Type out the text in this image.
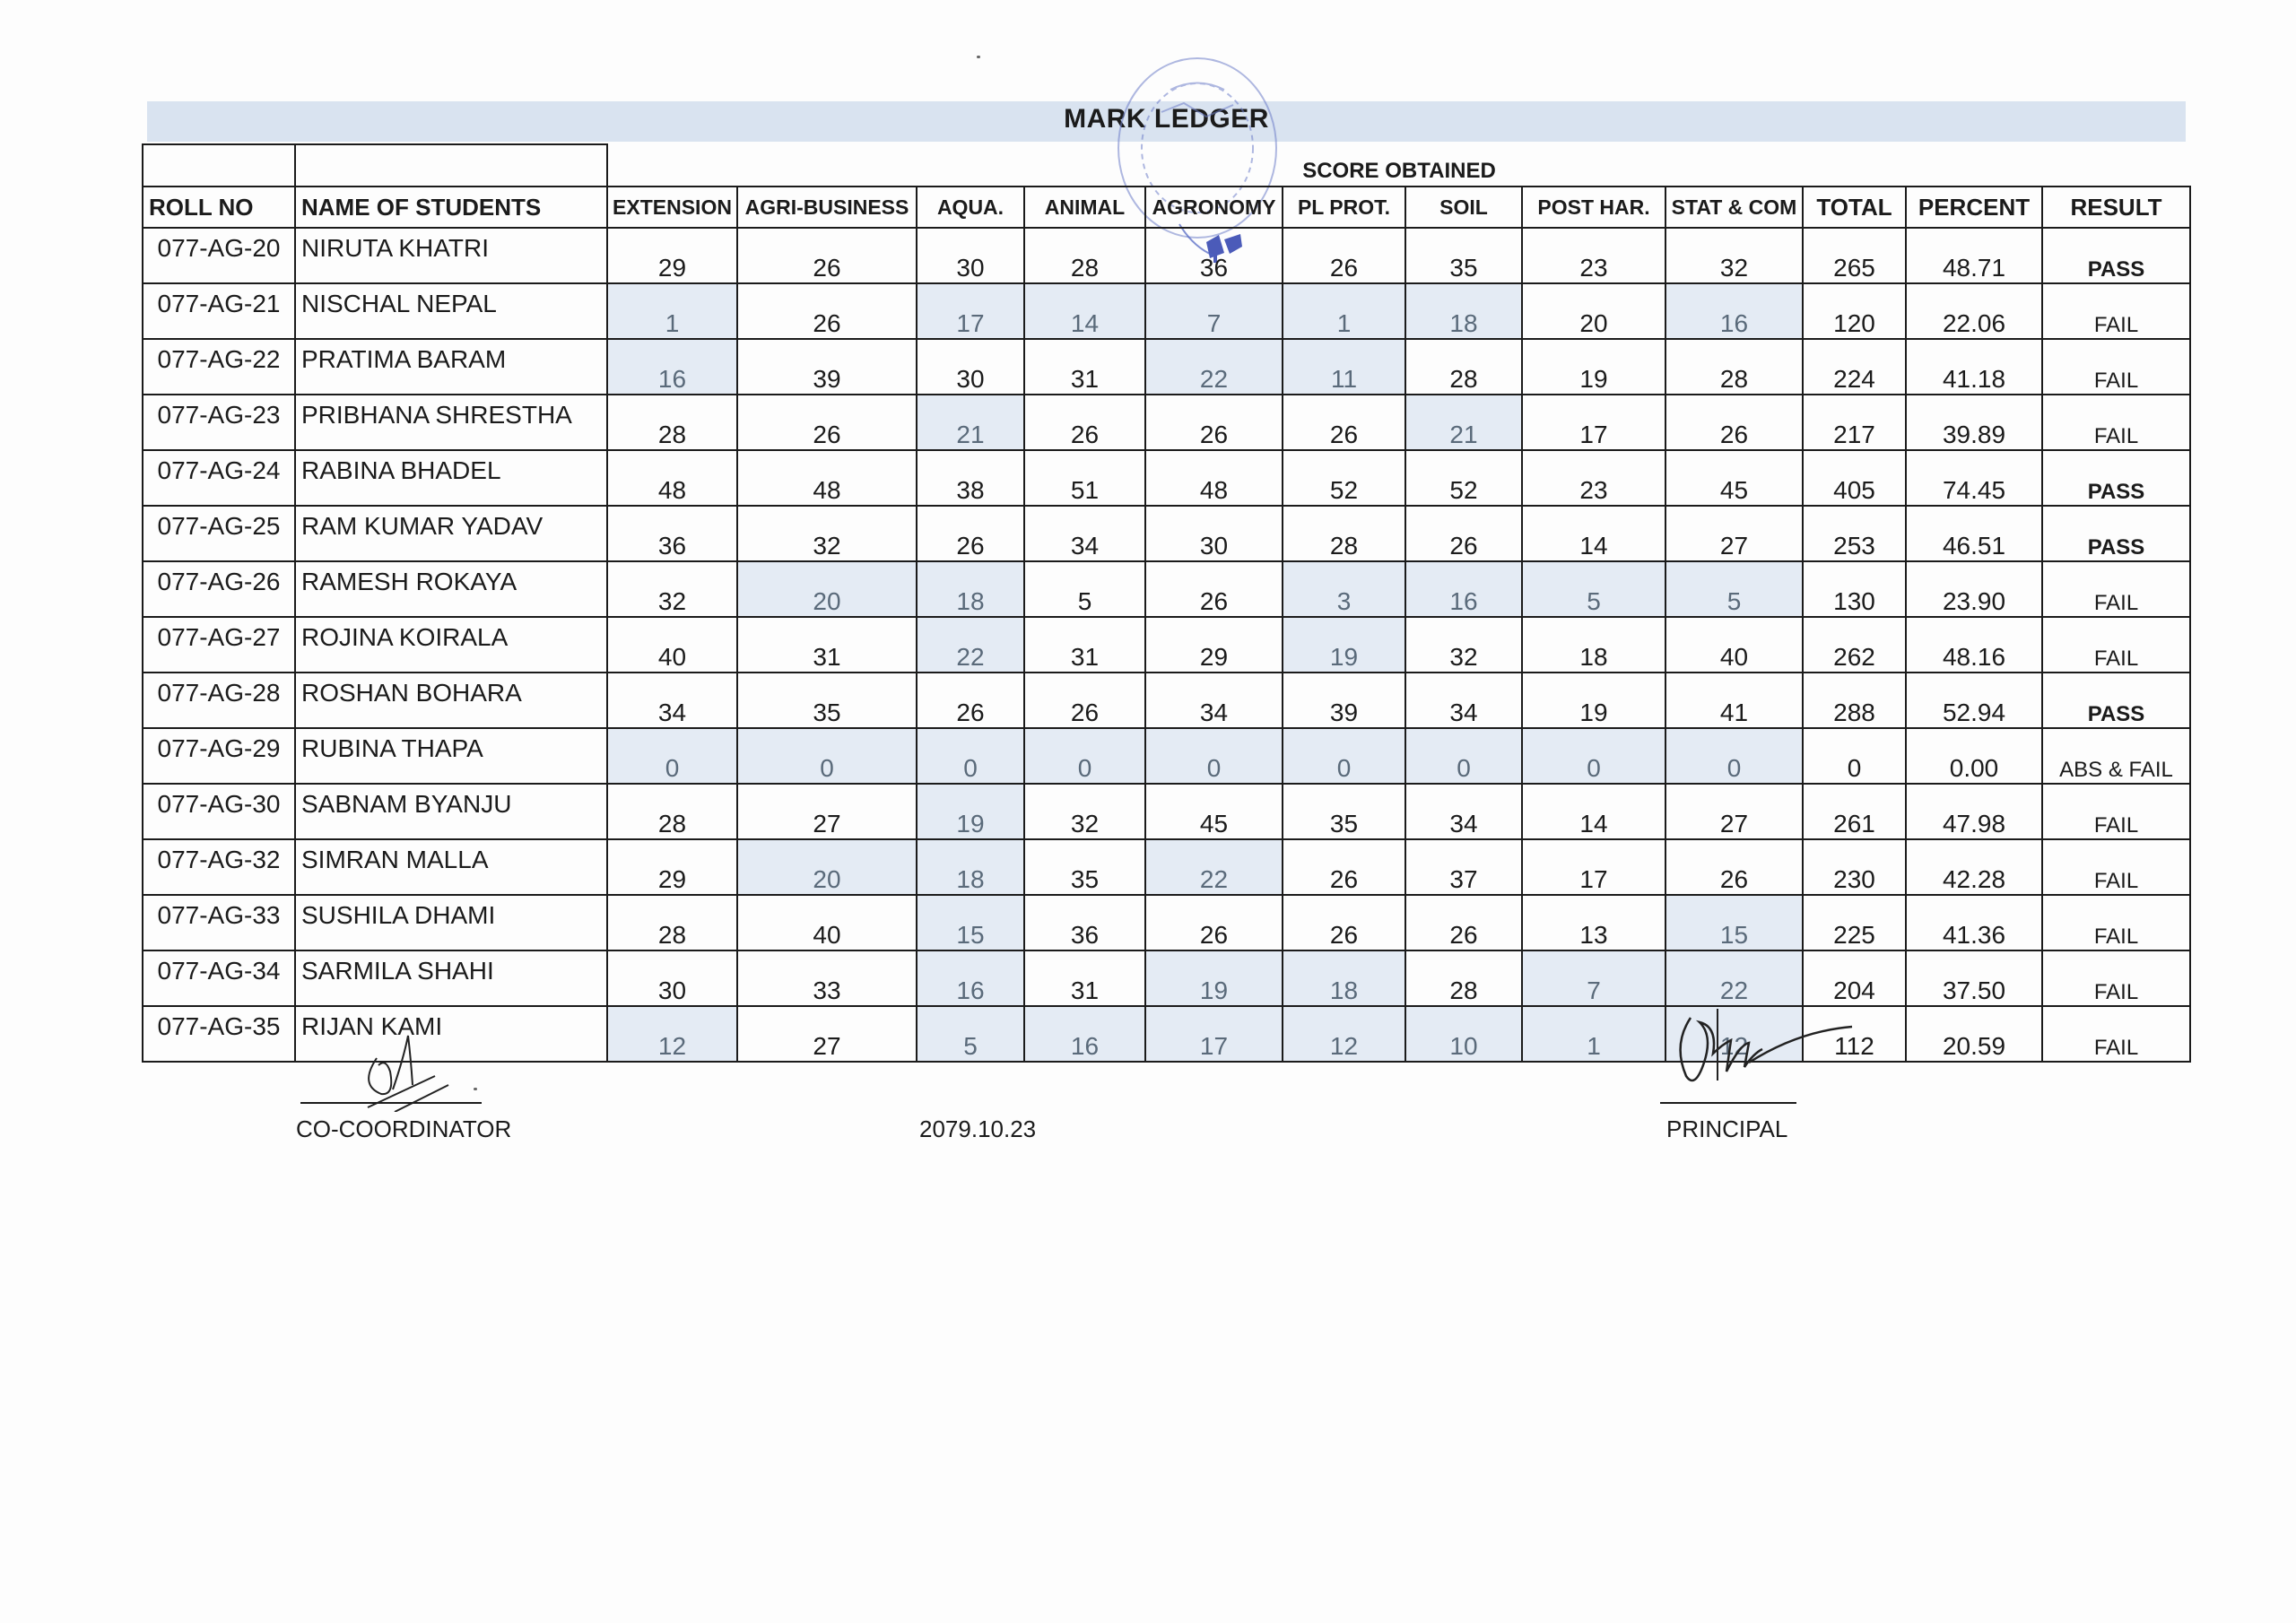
MARK LEDGER
		SCORE OBTAINED											
ROLL NO	NAME OF STUDENTS	EXTENSION	AGRI-BUSINESS	AQUA.	ANIMAL	AGRONOMY	PL PROT.	SOIL	POST HAR.	STAT & COM	TOTAL	PERCENT	RESULT
077-AG-20	NIRUTA KHATRI	29	26	30	28	36	26	35	23	32	265	48.71	PASS
077-AG-21	NISCHAL NEPAL	1	26	17	14	7	1	18	20	16	120	22.06	FAIL
077-AG-22	PRATIMA BARAM	16	39	30	31	22	11	28	19	28	224	41.18	FAIL
077-AG-23	PRIBHANA SHRESTHA	28	26	21	26	26	26	21	17	26	217	39.89	FAIL
077-AG-24	RABINA BHADEL	48	48	38	51	48	52	52	23	45	405	74.45	PASS
077-AG-25	RAM KUMAR YADAV	36	32	26	34	30	28	26	14	27	253	46.51	PASS
077-AG-26	RAMESH ROKAYA	32	20	18	5	26	3	16	5	5	130	23.90	FAIL
077-AG-27	ROJINA KOIRALA	40	31	22	31	29	19	32	18	40	262	48.16	FAIL
077-AG-28	ROSHAN BOHARA	34	35	26	26	34	39	34	19	41	288	52.94	PASS
077-AG-29	RUBINA THAPA	0	0	0	0	0	0	0	0	0	0	0.00	ABS & FAIL
077-AG-30	SABNAM BYANJU	28	27	19	32	45	35	34	14	27	261	47.98	FAIL
077-AG-32	SIMRAN MALLA	29	20	18	35	22	26	37	17	26	230	42.28	FAIL
077-AG-33	SUSHILA DHAMI	28	40	15	36	26	26	26	13	15	225	41.36	FAIL
077-AG-34	SARMILA SHAHI	30	33	16	31	19	18	28	7	22	204	37.50	FAIL
077-AG-35	RIJAN KAMI	12	27	5	16	17	12	10	1	12	112	20.59	FAIL
CO-COORDINATOR	2079.10.23	PRINCIPAL
